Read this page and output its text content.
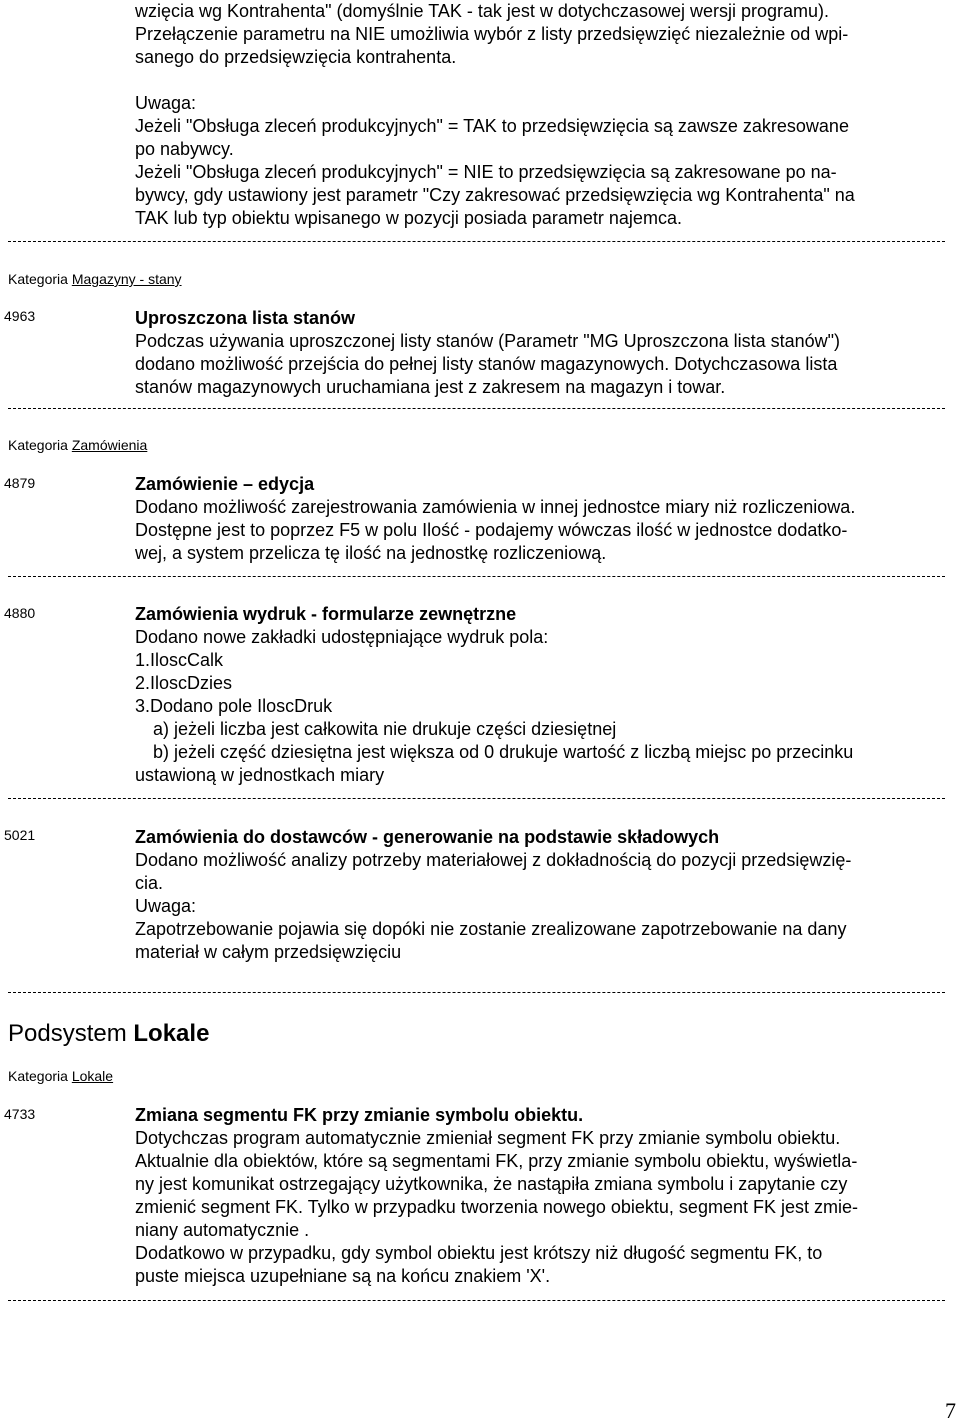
wzięcia wg Kontrahenta" (domyślnie TAK - tak jest w dotychczasowej wersji programu).
Przełączenie parametru na NIE umożliwia wybór z listy przedsięwzięć niezależnie od wpi-
sanego do przedsięwzięcia kontrahenta.
Uwaga:
Jeżeli "Obsługa zleceń produkcyjnych" = TAK to przedsięwzięcia są zawsze zakresowane
po nabywcy.
Jeżeli "Obsługa zleceń produkcyjnych" = NIE to przedsięwzięcia są zakresowane po na-
bywcy, gdy ustawiony jest parametr "Czy zakresować przedsięwzięcia wg Kontrahenta" na
TAK lub typ obiektu wpisanego w pozycji posiada parametr najemca.
Kategoria Magazyny - stany
4963	Uproszczona lista stanów
Podczas używania uproszczonej listy stanów (Parametr "MG Uproszczona lista stanów")
dodano możliwość przejścia do pełnej listy stanów magazynowych. Dotychczasowa lista
stanów magazynowych uruchamiana jest z zakresem na magazyn i towar.
Kategoria Zamówienia
4879	Zamówienie – edycja
Dodano możliwość zarejestrowania zamówienia w innej jednostce miary niż rozliczeniowa.
Dostępne jest to poprzez F5 w polu Ilość - podajemy wówczas ilość w jednostce dodatko-
wej, a system przelicza tę ilość na jednostkę rozliczeniową.
4880	Zamówienia wydruk - formularze zewnętrzne
Dodano nowe zakładki udostępniające wydruk pola:
1.IloscCalk
2.IloscDzies
3.Dodano pole IloscDruk
a) jeżeli liczba jest całkowita nie drukuje części dziesiętnej
b) jeżeli część dziesiętna jest większa od 0 drukuje wartość z liczbą miejsc po przecinku
ustawioną w jednostkach miary
5021	Zamówienia do dostawców - generowanie na podstawie składowych
Dodano możliwość analizy potrzeby materiałowej z dokładnością do pozycji przedsięwzię-
cia.
Uwaga:
Zapotrzebowanie pojawia się dopóki nie zostanie zrealizowane zapotrzebowanie na dany
materiał w całym przedsięwzięciu
Podsystem Lokale
Kategoria Lokale
4733	Zmiana segmentu FK przy zmianie symbolu obiektu.
Dotychczas program automatycznie zmieniał segment FK przy zmianie symbolu obiektu.
Aktualnie dla obiektów, które są segmentami FK, przy zmianie symbolu obiektu, wyświetla-
ny jest komunikat ostrzegający użytkownika, że nastąpiła zmiana symbolu i zapytanie czy
zmienić segment FK. Tylko w przypadku tworzenia nowego obiektu, segment FK jest zmie-
niany automatycznie .
Dodatkowo w przypadku, gdy symbol obiektu jest krótszy niż długość segmentu FK, to
puste miejsca uzupełniane są na końcu znakiem 'X'.
7
